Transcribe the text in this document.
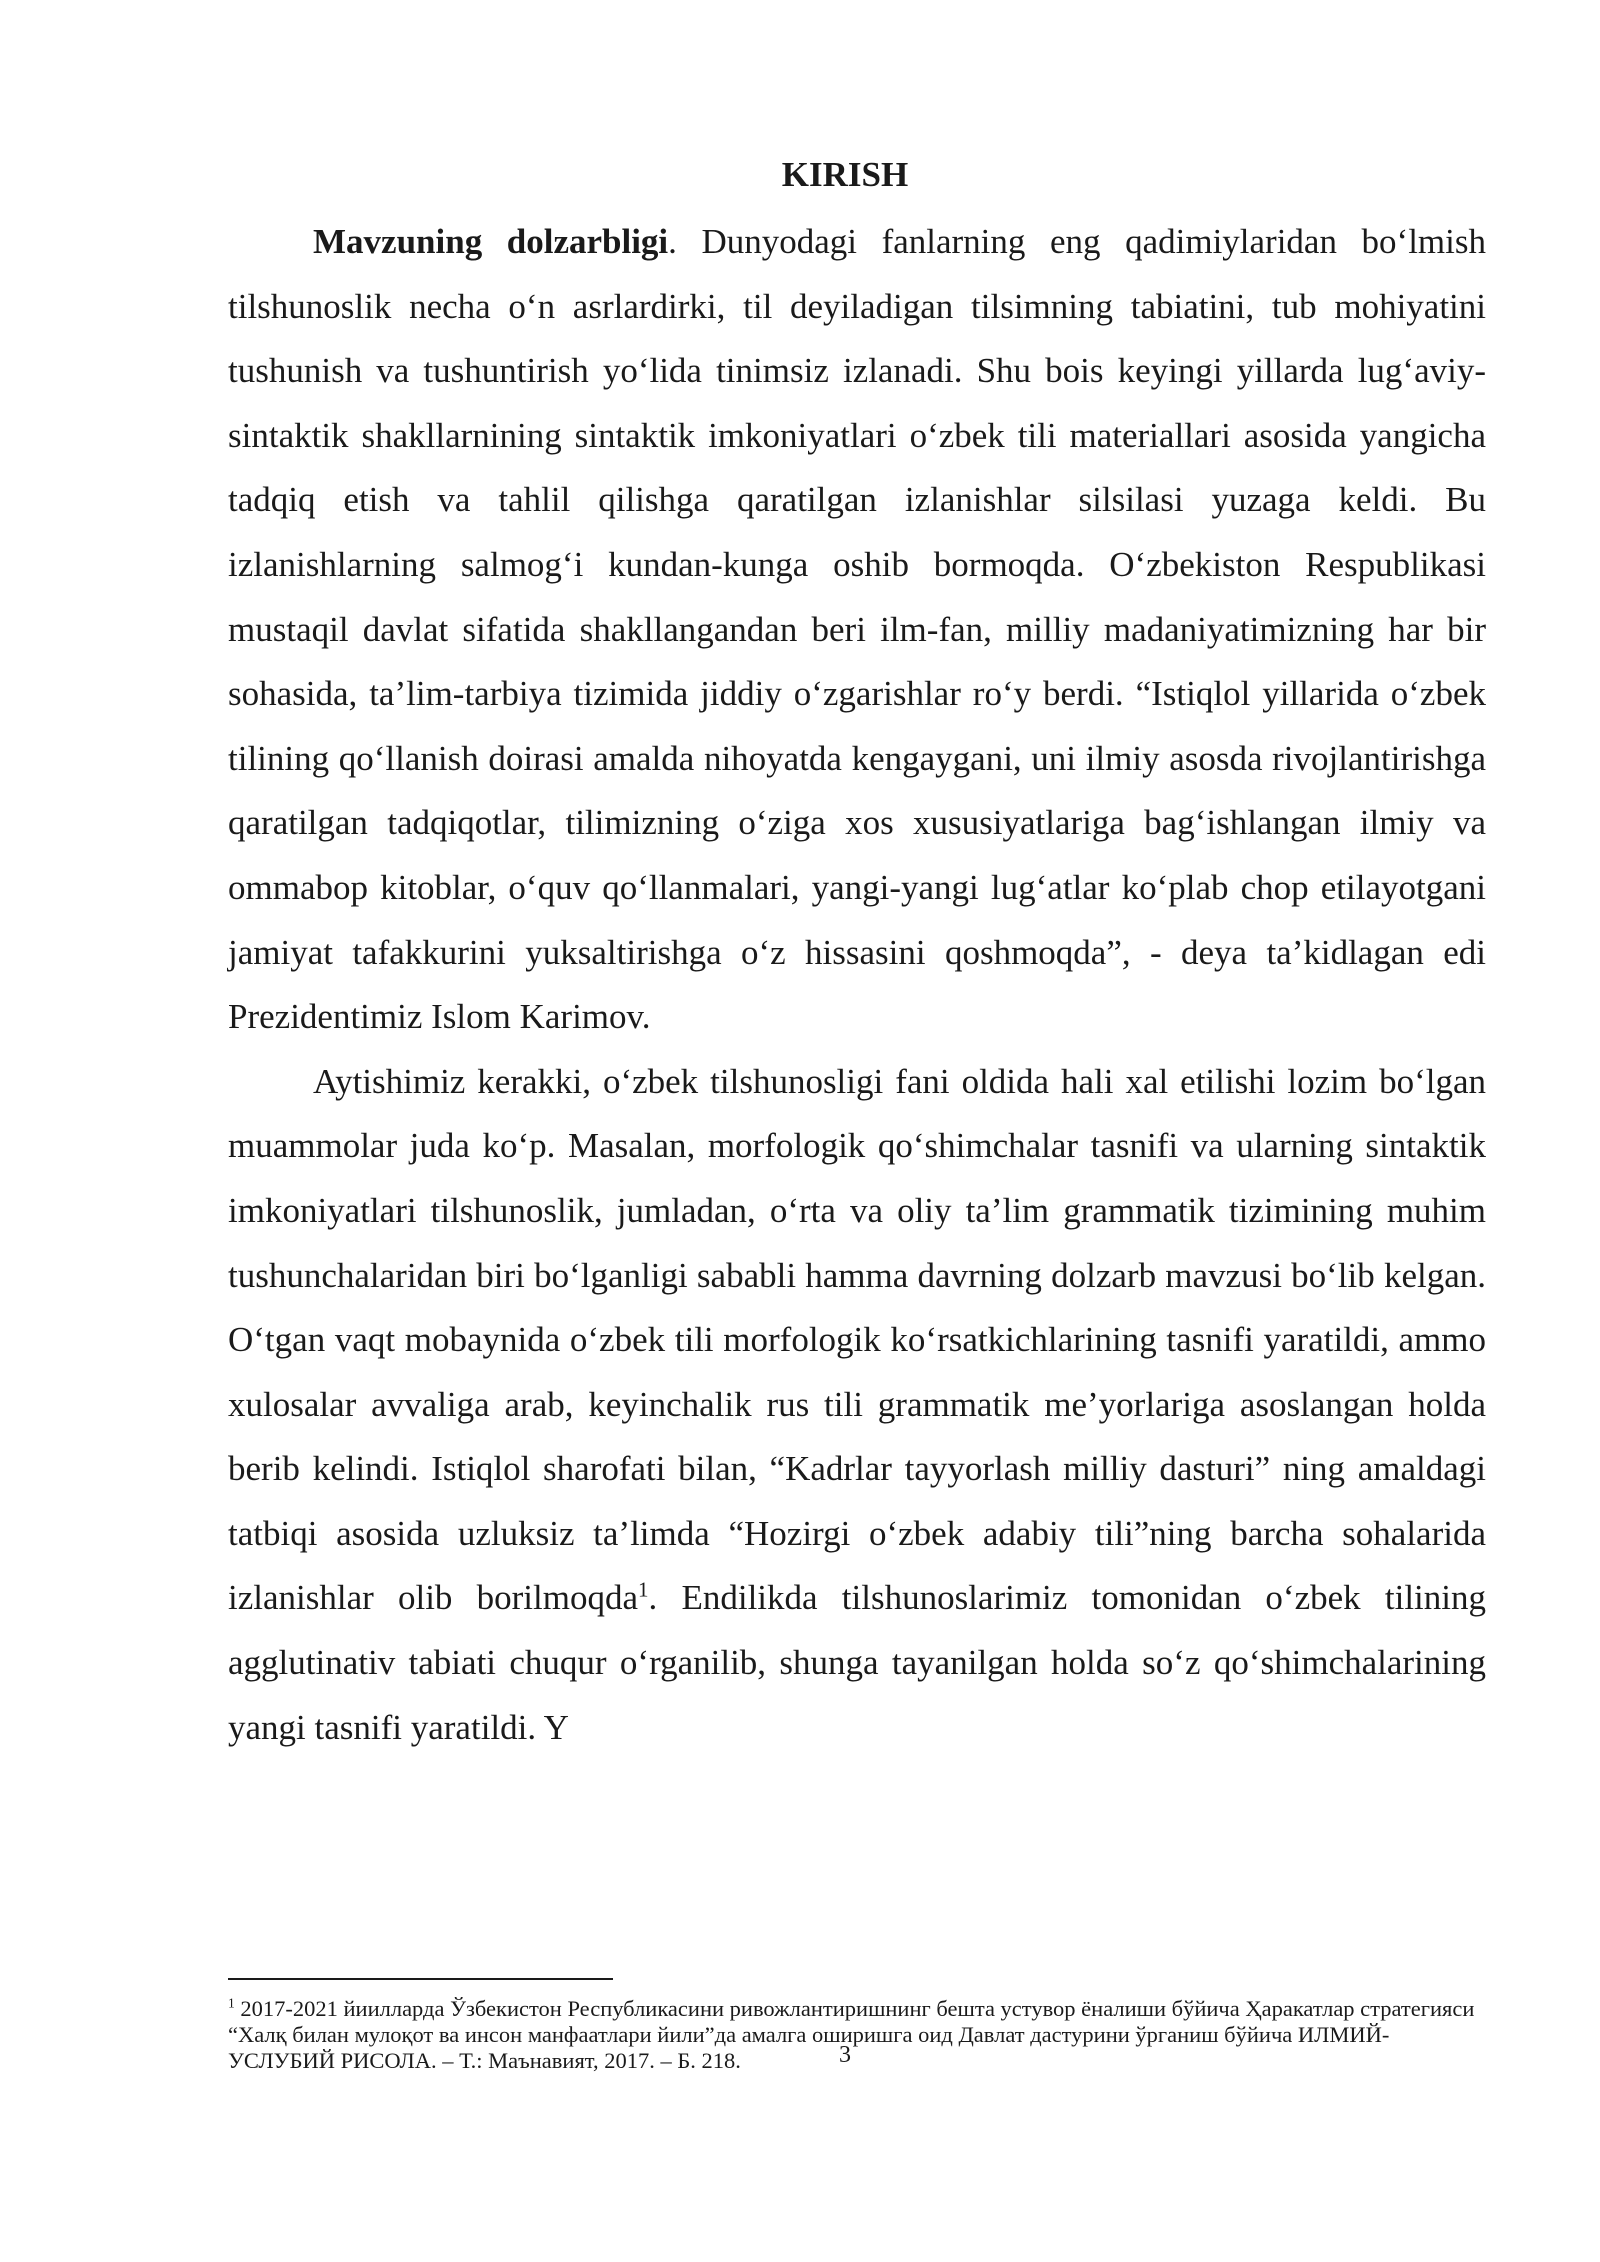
KIRISH

Mavzuning dolzarbligi. Dunyodagi fanlarning eng qadimiylaridan bo‘lmish tilshunoslik necha o‘n asrlardirki, til deyiladigan tilsimning tabiatini, tub mohiyatini tushunish va tushuntirish yo‘lida tinimsiz izlanadi. Shu bois keyingi yillarda lug‘aviy-sintaktik shakllarnining sintaktik imkoniyatlari o‘zbek tili materiallari asosida yangicha tadqiq etish va tahlil qilishga qaratilgan izlanishlar silsilasi yuzaga keldi. Bu izlanishlarning salmog‘i kundan-kunga oshib bormoqda. O‘zbekiston Respublikasi mustaqil davlat sifatida shakllangandan beri ilm-fan, milliy madaniyatimizning har bir sohasida, ta’lim-tarbiya tizimida jiddiy o‘zgarishlar ro‘y berdi. “Istiqlol yillarida o‘zbek tilining qo‘llanish doirasi amalda nihoyatda kengaygani, uni ilmiy asosda rivojlantirishga qaratilgan tadqiqotlar, tilimizning o‘ziga xos xususiyatlariga bag‘ishlangan ilmiy va ommabop kitoblar, o‘quv qo‘llanmalari, yangi-yangi lug‘atlar ko‘plab chop etilayotgani jamiyat tafakkurini yuksaltirishga o‘z hissasini qoshmoqda”, - deya ta’kidlagan edi Prezidentimiz Islom Karimov.

Aytishimiz kerakki, o‘zbek tilshunosligi fani oldida hali xal etilishi lozim bo‘lgan muammolar juda ko‘p. Masalan, morfologik qo‘shimchalar tasnifi va ularning sintaktik imkoniyatlari tilshunoslik, jumladan, o‘rta va oliy ta’lim grammatik tizimining muhim tushunchalaridan biri bo‘lganligi sababli hamma davrning dolzarb mavzusi bo‘lib kelgan. O‘tgan vaqt mobaynida o‘zbek tili morfologik ko‘rsatkichlarining tasnifi yaratildi, ammo xulosalar avvaliga arab, keyinchalik rus tili grammatik me’yorlariga asoslangan holda berib kelindi. Istiqlol sharofati bilan, “Kadrlar tayyorlash milliy dasturi” ning amaldagi tatbiqi asosida uzluksiz ta’limda “Hozirgi o‘zbek adabiy tili”ning barcha sohalarida izlanishlar olib borilmoqda$^1$. Endilikda tilshunoslarimiz tomonidan o‘zbek tilining agglutinativ tabiati chuqur o‘rganilib, shunga tayanilgan holda so‘z qo‘shimchalarining yangi tasnifi yaratildi. Y

$^1$ 2017-2021 йиилларда Ўзбекистон Республикасини ривожлантиришнинг бешта устувор ёналиши бўйича Ҳаракатлар стратегияси “Халқ билан мулоқот ва инсон манфаатлари йили”да амалга оширишга оид Давлат дастурини ўрганиш бўйича ИЛМИЙ-УСЛУБИЙ РИСОЛА. – Т.: Маънавият, 2017. – Б. 218.	3
